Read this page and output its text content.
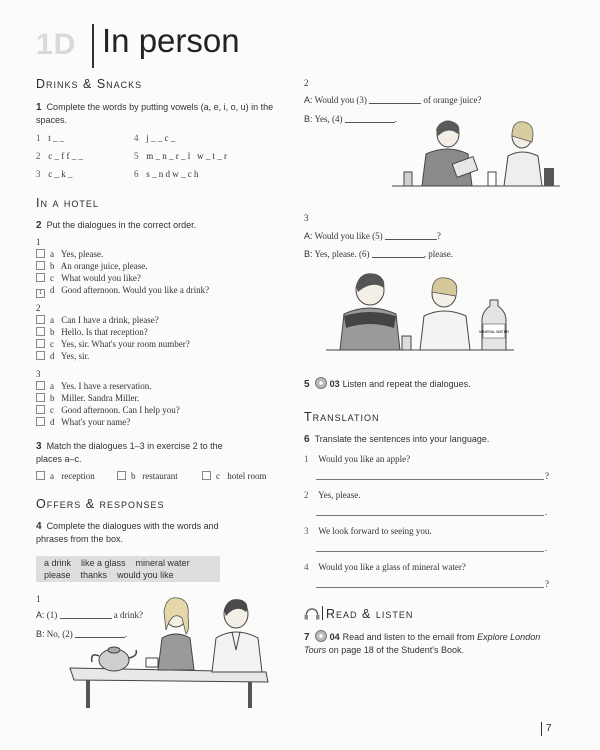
1D In person
Drinks & Snacks
1 Complete the words by putting vowels (a, e, i, o, u) in the spaces.
1 t _ _
2 c _ f f _ _
3 c _ k _
4 j _ _ c _
5 m _ n _ r _ l   w _ t _ r
6 s _ n d w _ c h
In a hotel
2 Put the dialogues in the correct order.
1
a Yes, please.
b An orange juice, please.
c What would you like?
1 d Good afternoon. Would you like a drink?
2
a Can I have a drink, please?
b Hello. Is that reception?
c Yes, sir. What's your room number?
d Yes, sir.
3
a Yes. I have a reservation.
b Miller. Sandra Miller.
c Good afternoon. Can I help you?
d What's your name?
3 Match the dialogues 1–3 in exercise 2 to the places a–c.
a reception	b restaurant	c hotel room
Offers & responses
4 Complete the dialogues with the words and phrases from the box.
a drink like a glass mineral water
please thanks would you like
1
A: (1)	a drink?
B: No, (2)	.
2
A: Would you (3)	of orange juice?
B: Yes, (4)	.
3
A: Would you like (5)	?
B: Yes, please. (6)	, please.
MINERAL WATER
5 03 Listen and repeat the dialogues.
Translation
6 Translate the sentences into your language.
1 Would you like an apple?
?
2 Yes, please.
.
3 We look forward to seeing you.
.
4 Would you like a glass of mineral water?
?
Read & listen
7 04 Read and listen to the email from Explore London Tours on page 18 of the Student's Book.
7
